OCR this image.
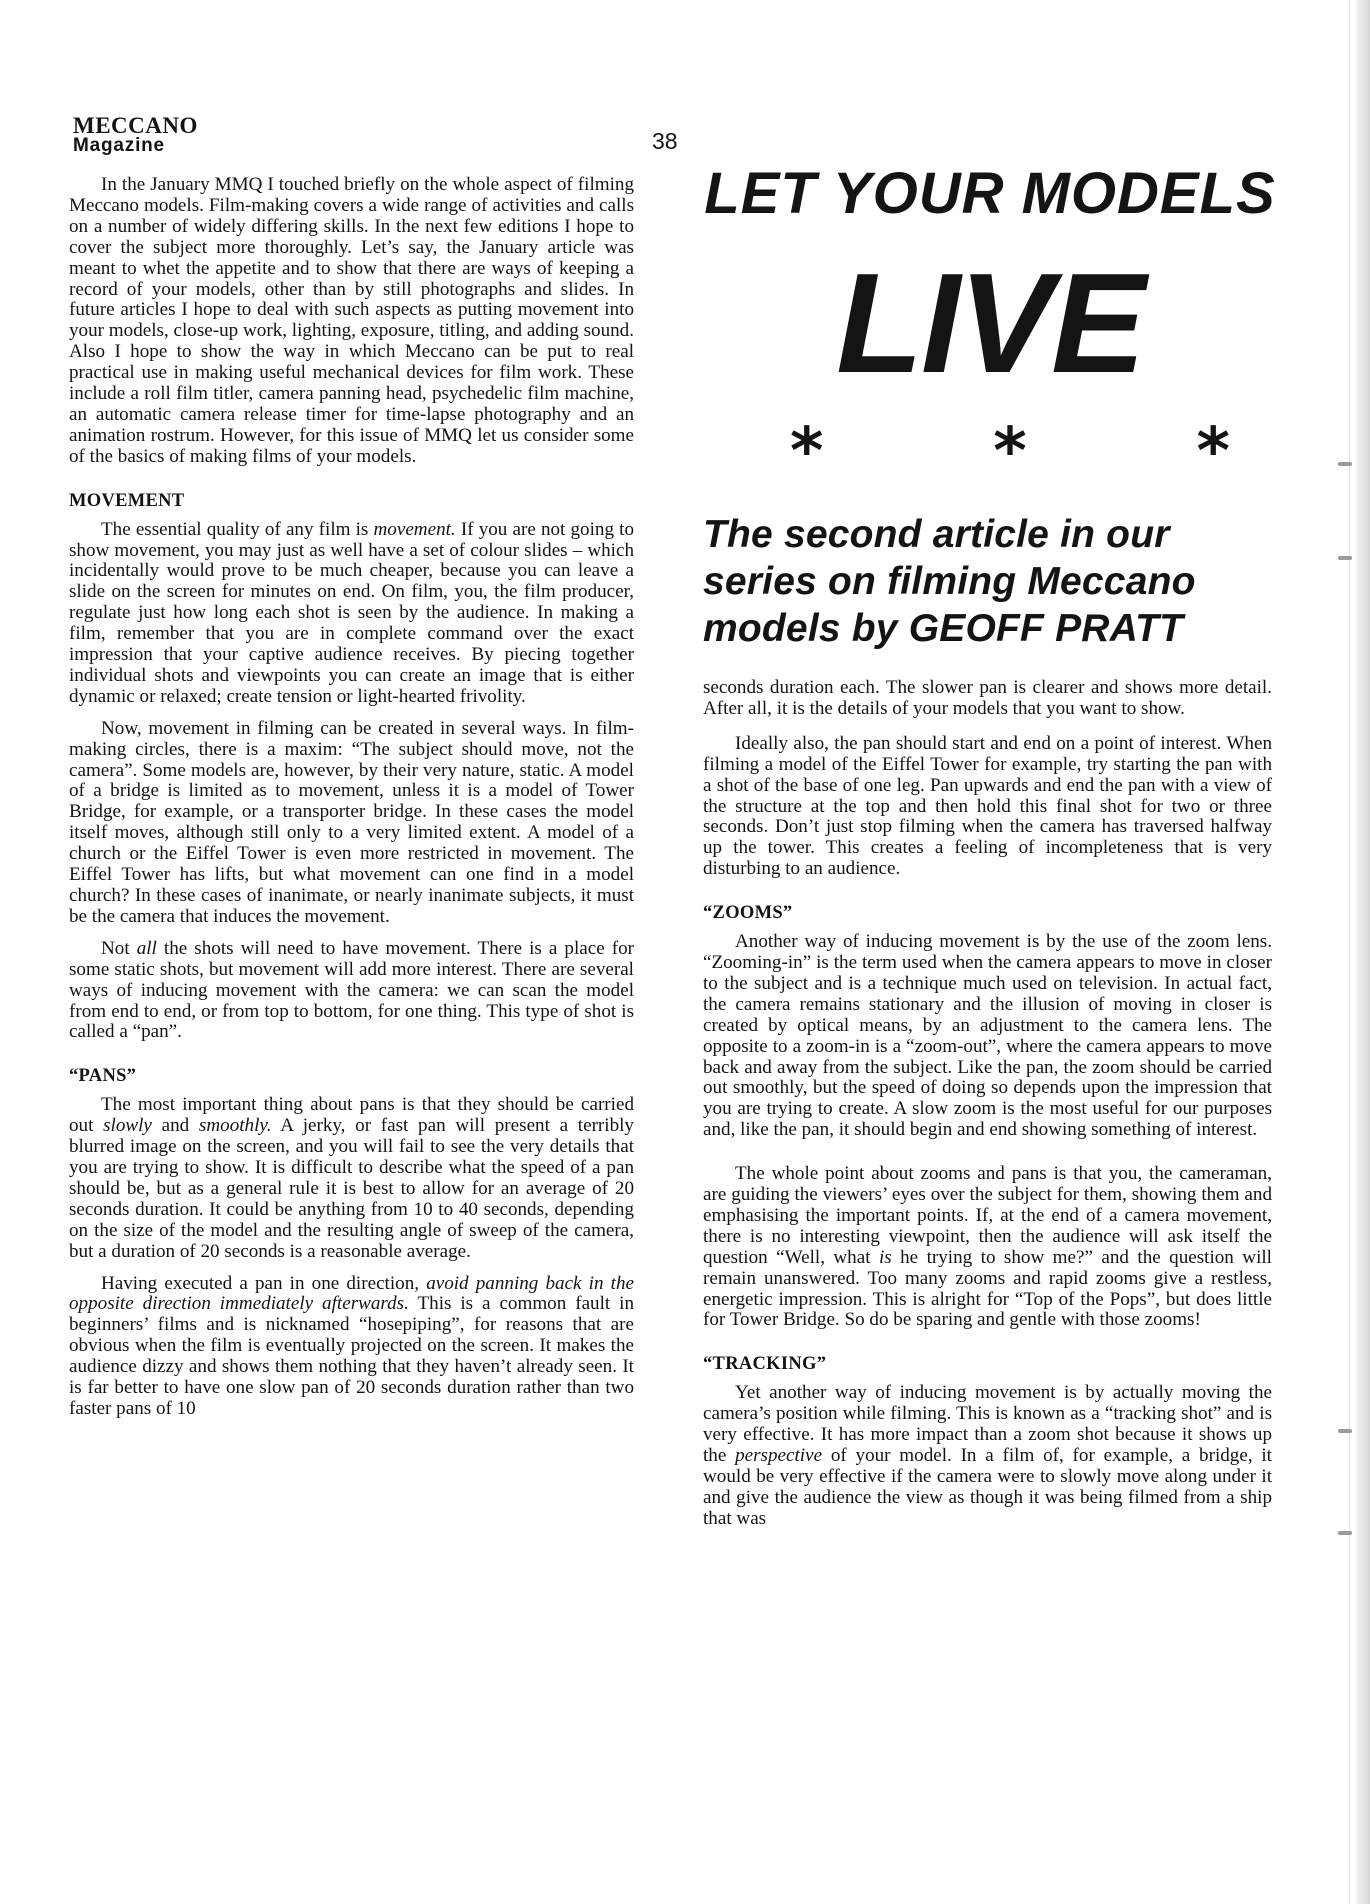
MECCANO
Magazine	38
LET YOUR MODELS
LIVE
*	*	*
The second article in our series on filming Meccano models by GEOFF PRATT

In the January MMQ I touched briefly on the whole aspect of filming Meccano models. Film-making covers a wide range of activities and calls on a number of widely differing skills. In the next few editions I hope to cover the subject more thoroughly. Let’s say, the January article was meant to whet the appetite and to show that there are ways of keeping a record of your models, other than by still photographs and slides. In future articles I hope to deal with such aspects as putting movement into your models, close-up work, lighting, exposure, titling, and adding sound. Also I hope to show the way in which Meccano can be put to real practical use in making useful mechanical devices for film work. These include a roll film titler, camera panning head, psychedelic film machine, an automatic camera release timer for time-lapse photography and an animation rostrum. However, for this issue of MMQ let us consider some of the basics of making films of your models.

MOVEMENT

The essential quality of any film is movement. If you are not going to show movement, you may just as well have a set of colour slides – which incidentally would prove to be much cheaper, because you can leave a slide on the screen for minutes on end. On film, you, the film producer, regulate just how long each shot is seen by the audience. In making a film, remember that you are in complete command over the exact impression that your captive audience receives. By piecing together individual shots and viewpoints you can create an image that is either dynamic or relaxed; create tension or light-hearted frivolity.

Now, movement in filming can be created in several ways. In film-making circles, there is a maxim: “The subject should move, not the camera”. Some models are, however, by their very nature, static. A model of a bridge is limited as to movement, unless it is a model of Tower Bridge, for example, or a transporter bridge. In these cases the model itself moves, although still only to a very limited extent. A model of a church or the Eiffel Tower is even more restricted in movement. The Eiffel Tower has lifts, but what movement can one find in a model church? In these cases of inanimate, or nearly inanimate subjects, it must be the camera that induces the movement.

Not all the shots will need to have movement. There is a place for some static shots, but movement will add more interest. There are several ways of inducing movement with the camera: we can scan the model from end to end, or from top to bottom, for one thing. This type of shot is called a “pan”.

“PANS”

The most important thing about pans is that they should be carried out slowly and smoothly. A jerky, or fast pan will present a terribly blurred image on the screen, and you will fail to see the very details that you are trying to show. It is difficult to describe what the speed of a pan should be, but as a general rule it is best to allow for an average of 20 seconds duration. It could be anything from 10 to 40 seconds, depending on the size of the model and the resulting angle of sweep of the camera, but a duration of 20 seconds is a reasonable average.

Having executed a pan in one direction, avoid panning back in the opposite direction immediately afterwards. This is a common fault in beginners’ films and is nicknamed “hosepiping”, for reasons that are obvious when the film is eventually projected on the screen. It makes the audience dizzy and shows them nothing that they haven’t already seen. It is far better to have one slow pan of 20 seconds duration rather than two faster pans of 10

seconds duration each. The slower pan is clearer and shows more detail. After all, it is the details of your models that you want to show.

Ideally also, the pan should start and end on a point of interest. When filming a model of the Eiffel Tower for example, try starting the pan with a shot of the base of one leg. Pan upwards and end the pan with a view of the structure at the top and then hold this final shot for two or three seconds. Don’t just stop filming when the camera has traversed halfway up the tower. This creates a feeling of incompleteness that is very disturbing to an audience.

“ZOOMS”

Another way of inducing movement is by the use of the zoom lens. “Zooming-in” is the term used when the camera appears to move in closer to the subject and is a technique much used on television. In actual fact, the camera remains stationary and the illusion of moving in closer is created by optical means, by an adjustment to the camera lens. The opposite to a zoom-in is a “zoom-out”, where the camera appears to move back and away from the subject. Like the pan, the zoom should be carried out smoothly, but the speed of doing so depends upon the impression that you are trying to create. A slow zoom is the most useful for our purposes and, like the pan, it should begin and end showing something of interest.

The whole point about zooms and pans is that you, the cameraman, are guiding the viewers’ eyes over the subject for them, showing them and emphasising the important points. If, at the end of a camera movement, there is no interesting viewpoint, then the audience will ask itself the question “Well, what is he trying to show me?” and the question will remain unanswered. Too many zooms and rapid zooms give a restless, energetic impression. This is alright for “Top of the Pops”, but does little for Tower Bridge. So do be sparing and gentle with those zooms!

“TRACKING”

Yet another way of inducing movement is by actually moving the camera’s position while filming. This is known as a “tracking shot” and is very effective. It has more impact than a zoom shot because it shows up the perspective of your model. In a film of, for example, a bridge, it would be very effective if the camera were to slowly move along under it and give the audience the view as though it was being filmed from a ship that was
